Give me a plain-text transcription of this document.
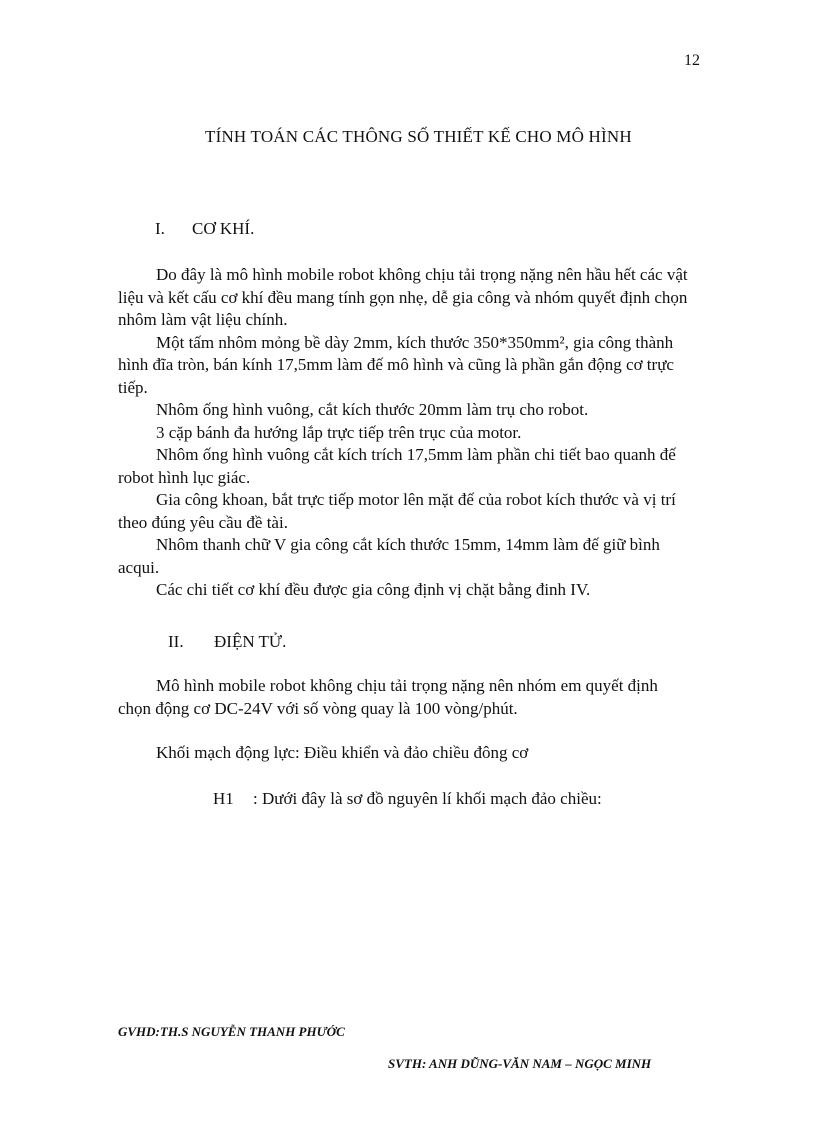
12
TÍNH TOÁN CÁC THÔNG SỐ THIẾT KẾ CHO MÔ HÌNH
I. CƠ KHÍ.

Do đây là mô hình mobile robot không chịu tải trọng nặng nên hầu hết các vật liệu và kết cấu cơ khí đều mang tính gọn nhẹ, dễ gia công và nhóm quyết định chọn nhôm làm vật liệu chính.

Một tấm nhôm mỏng bề dày 2mm, kích thước 350*350mm², gia công thành hình đĩa tròn, bán kính 17,5mm làm đế mô hình và cũng là phần gắn động cơ trực tiếp.

Nhôm ống hình vuông, cắt kích thước 20mm làm trụ cho robot.

3 cặp bánh đa hướng lắp trực tiếp trên trục của motor.

Nhôm ống hình vuông cắt kích trích 17,5mm làm phần chi tiết bao quanh đế robot hình lục giác.

Gia công khoan, bắt trực tiếp motor lên mặt đế của robot kích thước và vị trí theo đúng yêu cầu đề tài.

Nhôm thanh chữ V gia công cắt kích thước 15mm, 14mm làm đế giữ bình acqui.

Các chi tiết cơ khí đều được gia công định vị chặt bằng đinh IV.

II. ĐIỆN TỬ.

Mô hình mobile robot không chịu tải trọng nặng nên nhóm em quyết định chọn động cơ DC-24V với số vòng quay là 100 vòng/phút.

Khối mạch động lực: Điều khiển và đảo chiều đông cơ

H1 : Dưới đây là sơ đồ nguyên lí khối mạch đảo chiều:
GVHD:TH.S NGUYỄN THANH PHƯỚC
SVTH: ANH DŨNG-VĂN NAM – NGỌC MINH
